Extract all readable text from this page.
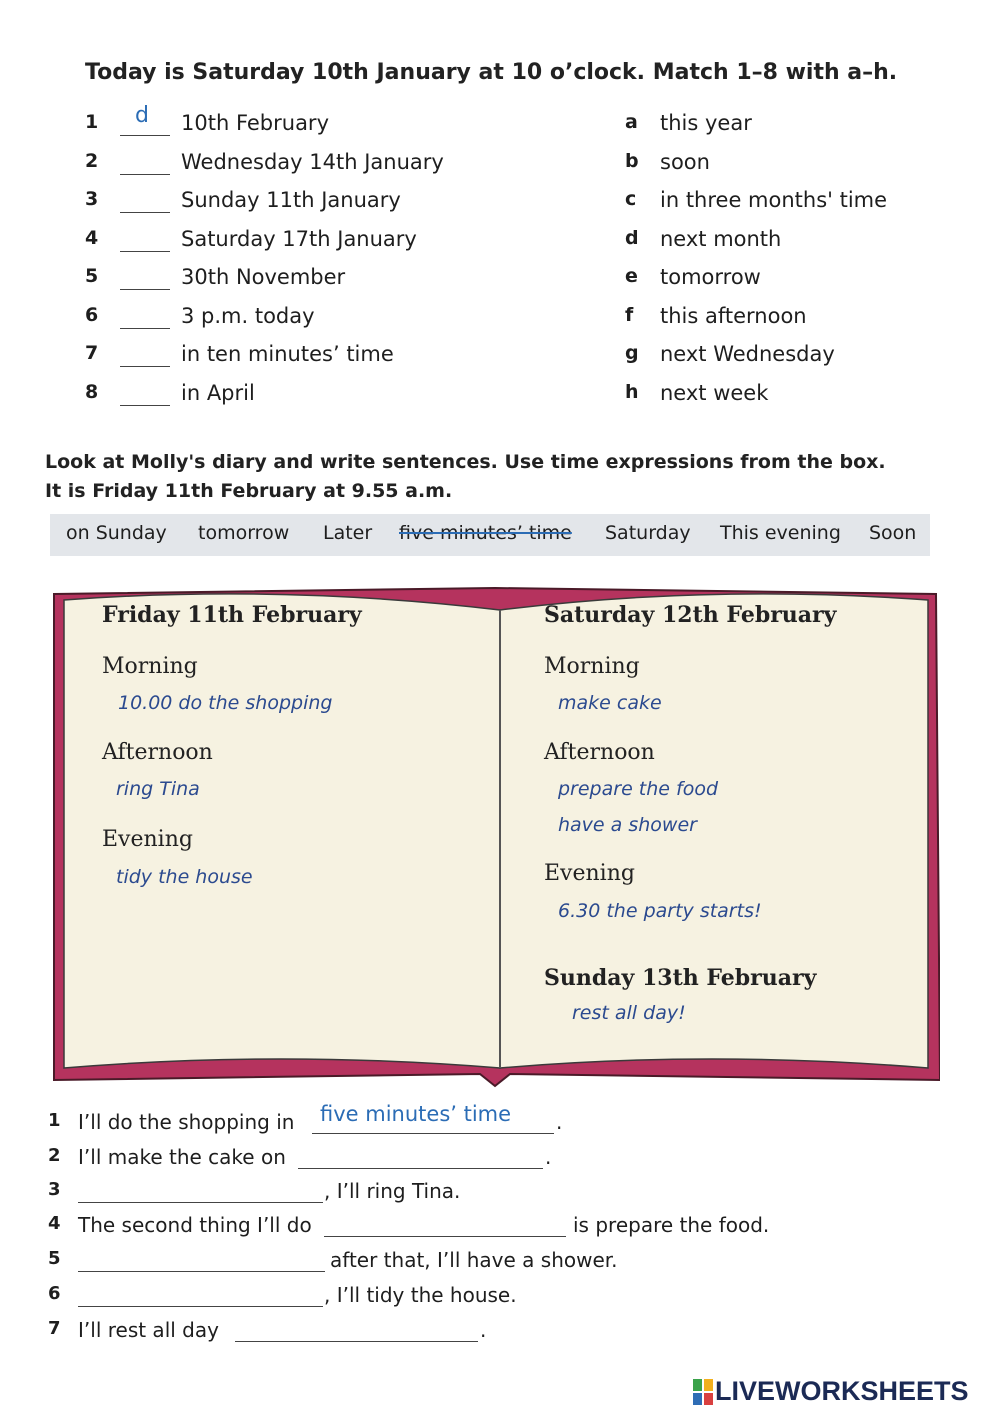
Today is Saturday 10th January at 10 o’clock. Match 1–8 with a–h.
1	d 10th February
2	Wednesday 14th January
3	Sunday 11th January
4	Saturday 17th January
5	30th November
6	3 p.m. today
7	in ten minutes’ time
8	in April
a	this year
b	soon
c	in three months' time
d	next month
e	tomorrow
f	this afternoon
g	next Wednesday
h	next week
Look at Molly's diary and write sentences. Use time expressions from the box.
It is Friday 11th February at 9.55 a.m.
on Sunday tomorrow Later five minutes’ time Saturday This evening Soon
Friday 11th February
Morning
10.00 do the shopping
Afternoon
ring Tina
Evening
tidy the house
Saturday 12th February
Morning
make cake
Afternoon
prepare the food
have a shower
Evening
6.30 the party starts!
Sunday 13th February
rest all day!
1 I’ll do the shopping in five minutes’ time .
2 I’ll make the cake on	.
3	, I’ll ring Tina.
4 The second thing I’ll do	is prepare the food.
5	after that, I’ll have a shower.
6	, I’ll tidy the house.
7 I’ll rest all day	.
LIVEWORKSHEETS
